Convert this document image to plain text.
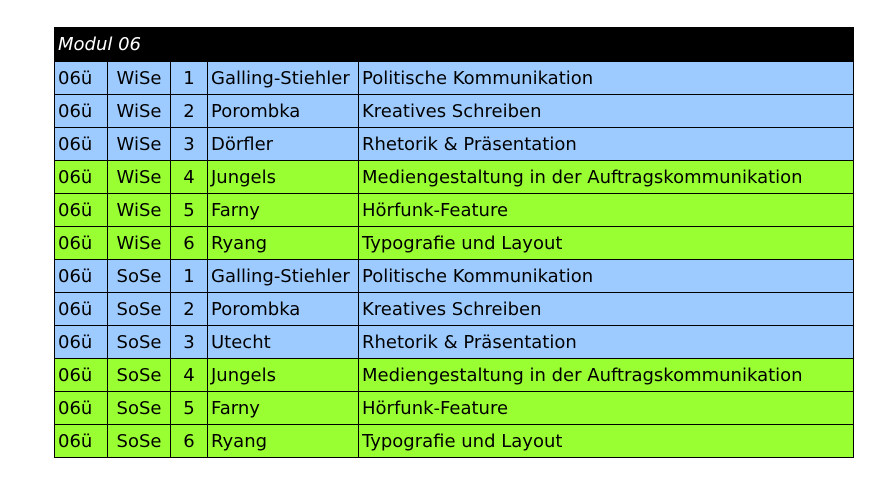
Modul 06				
06ü	WiSe	1	Galling-Stiehler	Politische Kommunikation
06ü	WiSe	2	Porombka	Kreatives Schreiben
06ü	WiSe	3	Dörfler	Rhetorik & Präsentation
06ü	WiSe	4	Jungels	Mediengestaltung in der Auftragskommunikation
06ü	WiSe	5	Farny	Hörfunk-Feature
06ü	WiSe	6	Ryang	Typografie und Layout
06ü	SoSe	1	Galling-Stiehler	Politische Kommunikation
06ü	SoSe	2	Porombka	Kreatives Schreiben
06ü	SoSe	3	Utecht	Rhetorik & Präsentation
06ü	SoSe	4	Jungels	Mediengestaltung in der Auftragskommunikation
06ü	SoSe	5	Farny	Hörfunk-Feature
06ü	SoSe	6	Ryang	Typografie und Layout
